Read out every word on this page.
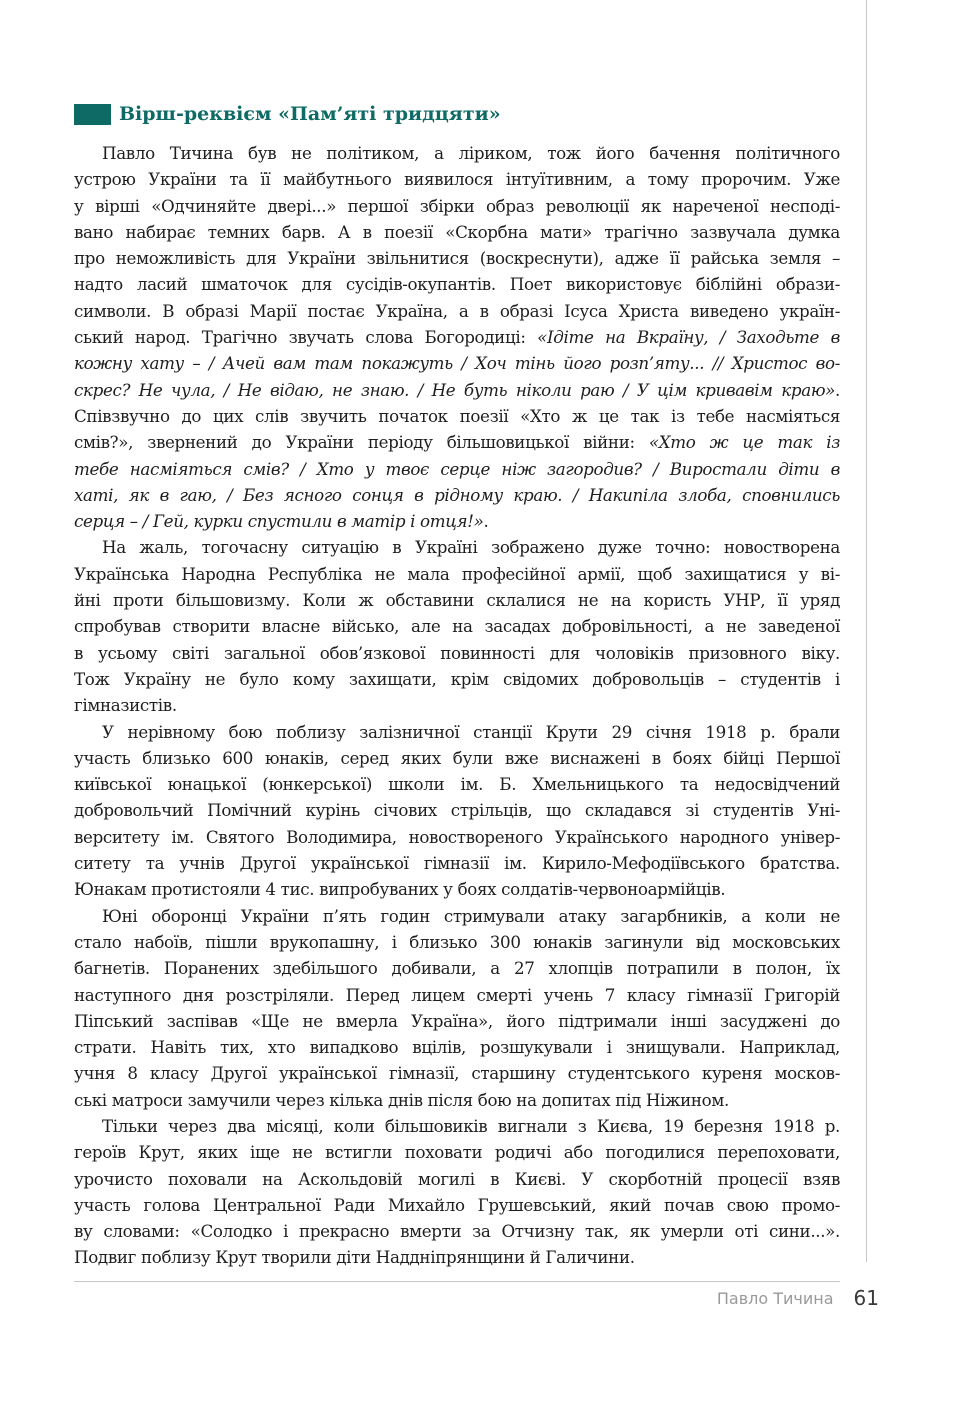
Вірш-реквієм «Пам’яті тридцяти»
Павло Тичина був не політиком, а ліриком, тож його бачення політичного
устрою України та її майбутнього виявилося інтуїтивним, а тому пророчим. Уже
у вірші «Одчиняйте двері...» першої збірки образ революції як нареченої несподі-
вано набирає темних барв. А в поезії «Скорбна мати» трагічно зазвучала думка
про неможливість для України звільнитися (воскреснути), адже її райська земля –
надто ласий шматочок для сусідів-окупантів. Поет використовує біблійні образи-
символи. В образі Марії постає Україна, а в образі Ісуса Христа виведено україн-
ський народ. Трагічно звучать слова Богородиці: «Ідіте на Вкраїну, / Заходьте в
кожну хату – / Ачей вам там покажуть / Хоч тінь його розп’яту... // Христос во-
скрес? Не чула, / Не відаю, не знаю. / Не буть ніколи раю / У цім кривавім краю».
Співзвучно до цих слів звучить початок поезії «Хто ж це так із тебе насміяться
смів?», звернений до України періоду більшовицької війни: «Хто ж це так із
тебе насміяться смів? / Хто у твоє серце ніж загородив? / Виростали діти в
хаті, як в гаю, / Без ясного сонця в рідному краю. / Накипіла злоба, сповнились
серця – / Гей, курки спустили в матір і отця!».
На жаль, тогочасну ситуацію в Україні зображено дуже точно: новостворена
Українська Народна Республіка не мала професійної армії, щоб захищатися у ві-
йні проти більшовизму. Коли ж обставини склалися не на користь УНР, її уряд
спробував створити власне військо, але на засадах добровільності, а не заведеної
в усьому світі загальної обов’язкової повинності для чоловіків призовного віку.
Тож Україну не було кому захищати, крім свідомих добровольців – студентів і
гімназистів.
У нерівному бою поблизу залізничної станції Крути 29 січня 1918 р. брали
участь близько 600 юнаків, серед яких були вже виснажені в боях бійці Першої
київської юнацької (юнкерської) школи ім. Б. Хмельницького та недосвідчений
добровольчий Помічний курінь січових стрільців, що складався зі студентів Уні-
верситету ім. Святого Володимира, новоствореного Українського народного універ-
ситету та учнів Другої української гімназії ім. Кирило-Мефодіївського братства.
Юнакам протистояли 4 тис. випробуваних у боях солдатів-червоноармійців.
Юні оборонці України п’ять годин стримували атаку загарбників, а коли не
стало набоїв, пішли врукопашну, і близько 300 юнаків загинули від московських
багнетів. Поранених здебільшого добивали, а 27 хлопців потрапили в полон, їх
наступного дня розстріляли. Перед лицем смерті учень 7 класу гімназії Григорій
Піпський заспівав «Ще не вмерла Україна», його підтримали інші засуджені до
страти. Навіть тих, хто випадково вцілів, розшукували і знищували. Наприклад,
учня 8 класу Другої української гімназії, старшину студентського куреня москов-
ські матроси замучили через кілька днів після бою на допитах під Ніжином.
Тільки через два місяці, коли більшовиків вигнали з Києва, 19 березня 1918 р.
героїв Крут, яких іще не встигли поховати родичі або погодилися перепоховати,
урочисто поховали на Аскольдовій могилі в Києві. У скорботній процесії взяв
участь голова Центральної Ради Михайло Грушевський, який почав свою промо-
ву словами: «Солодко і прекрасно вмерти за Отчизну так, як умерли оті сини...».
Подвиг поблизу Крут творили діти Наддніпрянщини й Галичини.
Павло Тичина 61
